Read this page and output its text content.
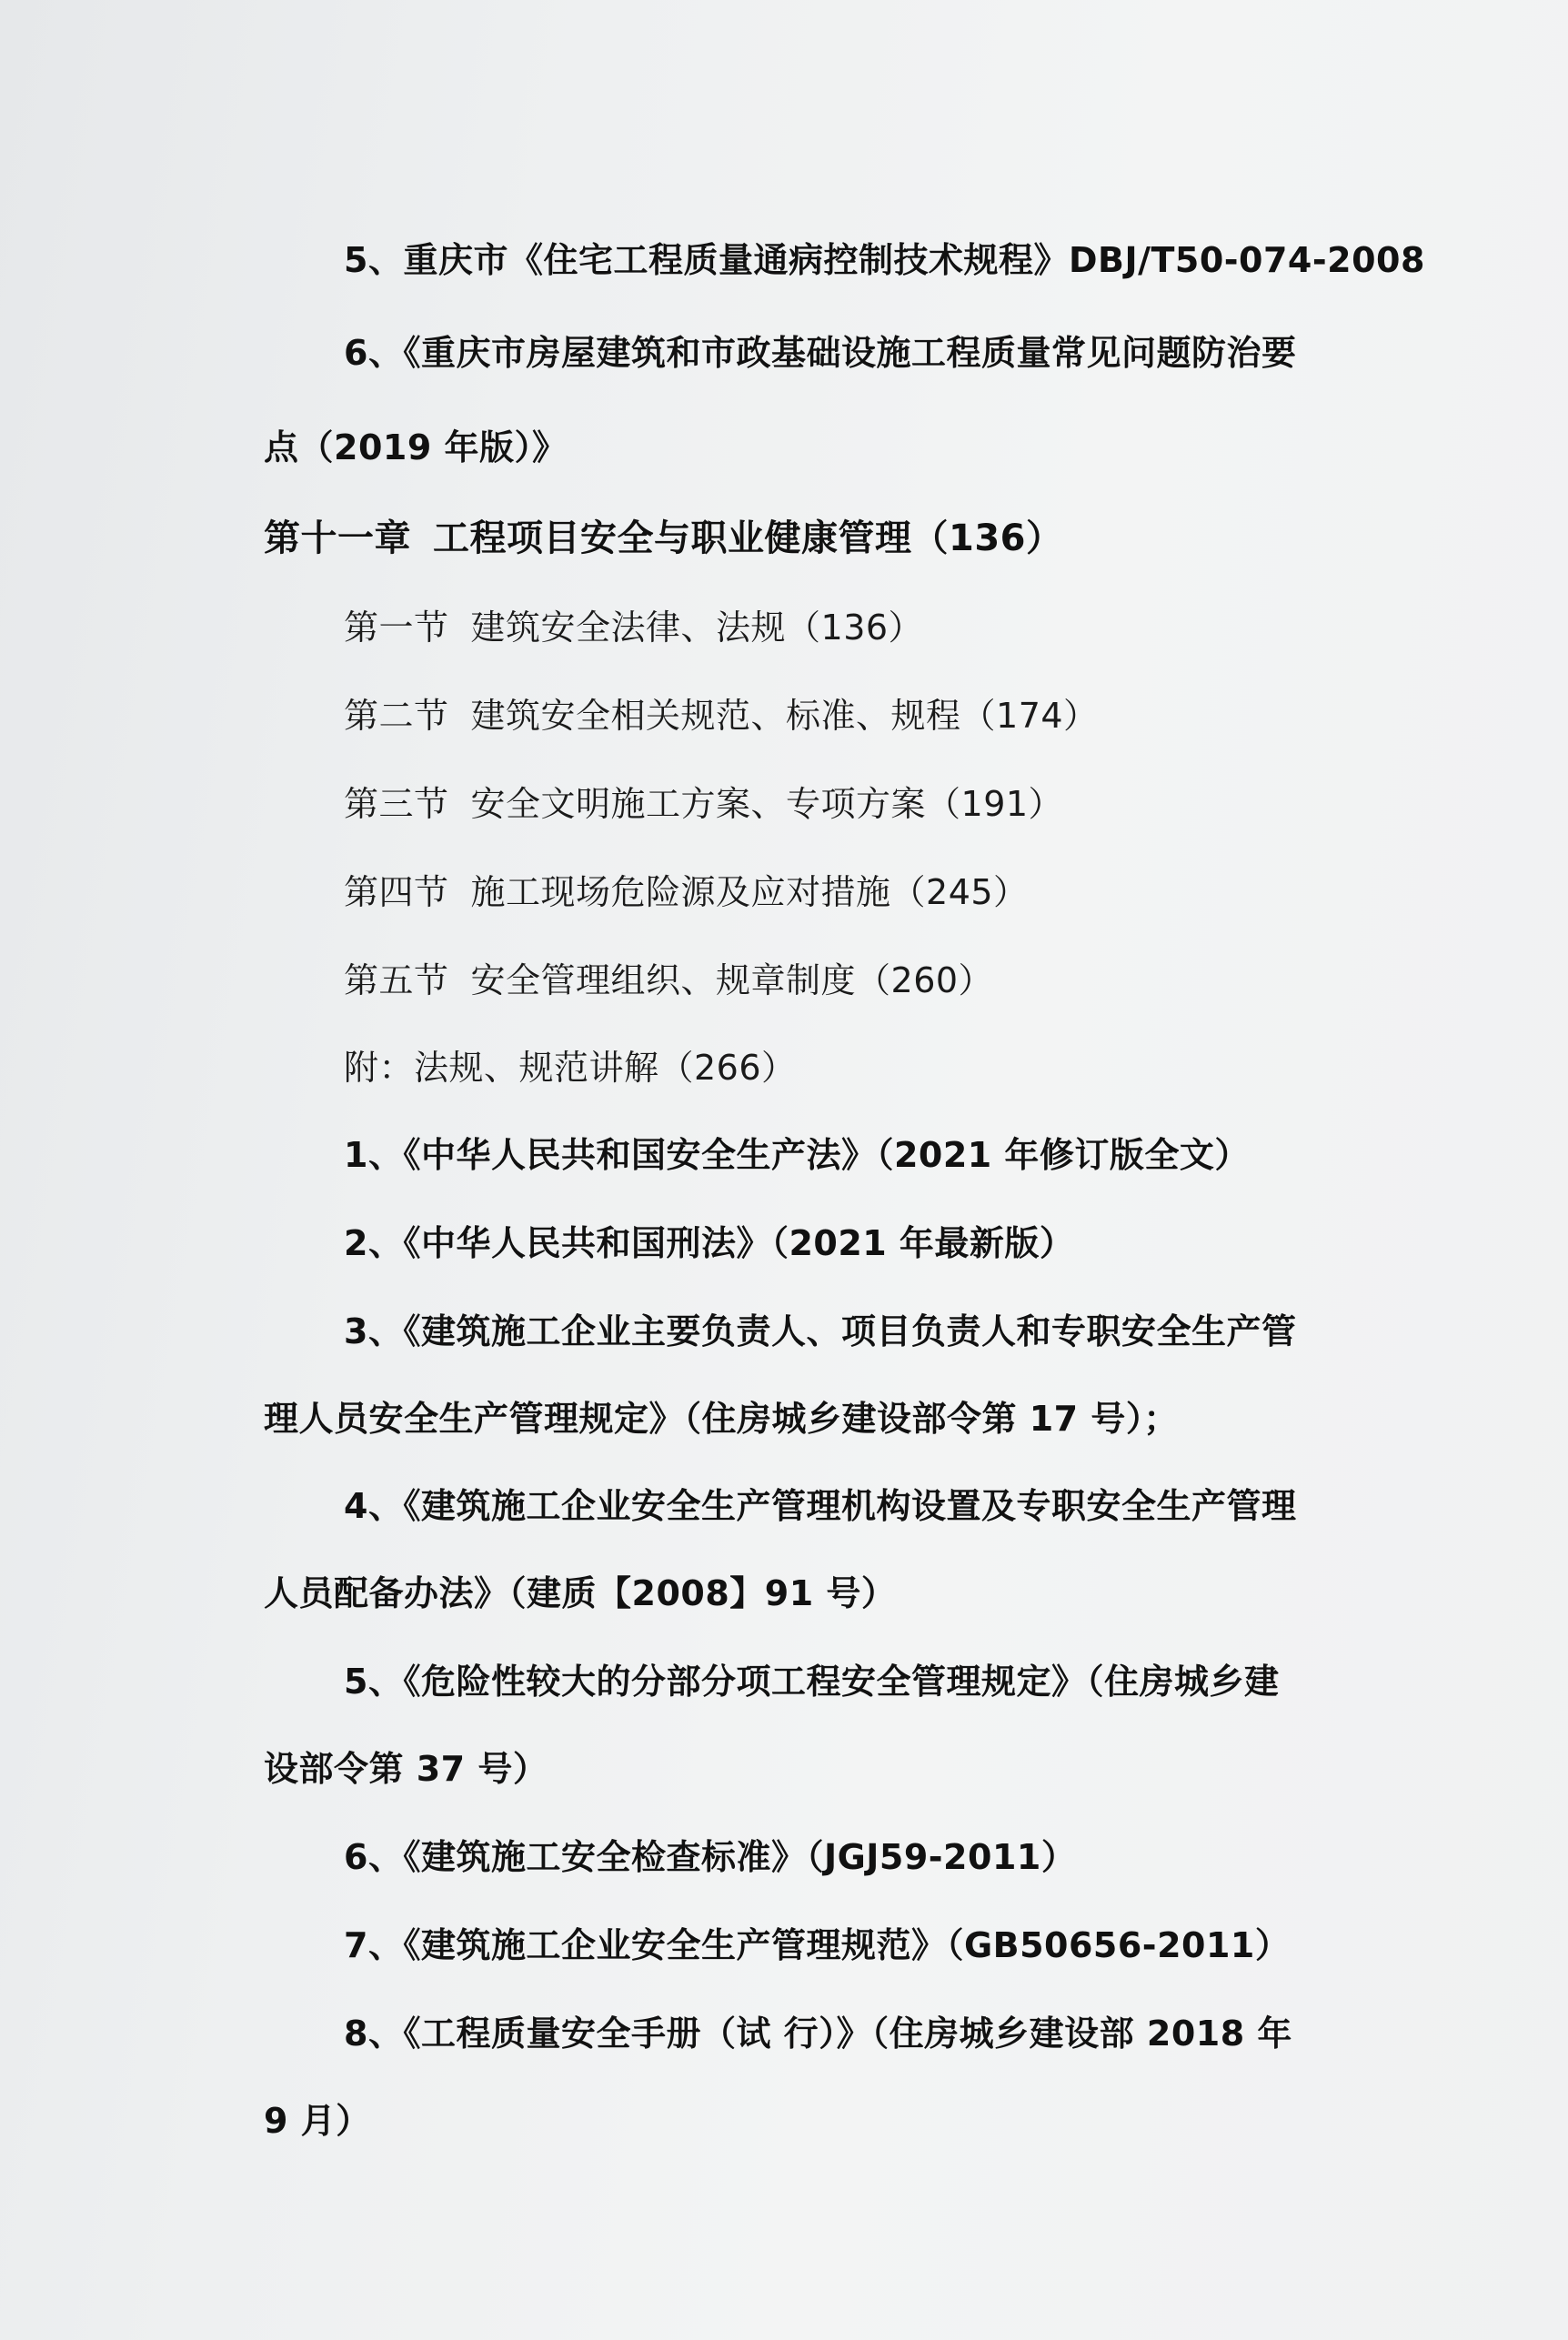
5、重庆市《住宅工程质量通病控制技术规程》DBJ/T50-074-2008
6、《重庆市房屋建筑和市政基础设施工程质量常见问题防治要
点（2019 年版）》
第十一章 工程项目安全与职业健康管理（136）
第一节 建筑安全法律、法规（136）
第二节 建筑安全相关规范、标准、规程（174）
第三节 安全文明施工方案、专项方案（191）
第四节 施工现场危险源及应对措施（245）
第五节 安全管理组织、规章制度（260）
附：法规、规范讲解（266）
1、《中华人民共和国安全生产法》（2021 年修订版全文）
2、《中华人民共和国刑法》（2021 年最新版）
3、《建筑施工企业主要负责人、项目负责人和专职安全生产管
理人员安全生产管理规定》（住房城乡建设部令第 17 号）；
4、《建筑施工企业安全生产管理机构设置及专职安全生产管理
人员配备办法》（建质【2008】91 号）
5、《危险性较大的分部分项工程安全管理规定》（住房城乡建
设部令第 37 号）
6、《建筑施工安全检查标准》（JGJ59-2011）
7、《建筑施工企业安全生产管理规范》（GB50656-2011）
8、《工程质量安全手册（试 行）》（住房城乡建设部 2018 年
9 月）
